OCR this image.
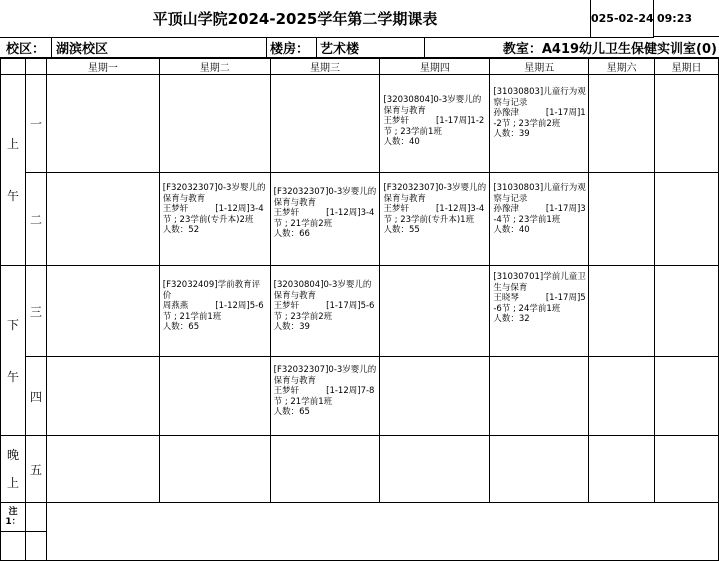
平顶山学院2024-2025学年第二学期课表	025-02-24 09:23
校区： 湖滨校区	楼房： 艺术楼	教室： A419幼儿卫生保健实训室(0)
		星期一	星期二	星期三	星期四	星期五	星期六	星期日
上

午	一				[32030804]0-3岁婴儿的保育与教育
王梦轩          [1-17周]1-2节 ; 23学前1班
人数：40	[31030803]儿童行为观察与记录
孙豫津          [1-17周]1-2节 ; 23学前2班
人数：39		

	二		[F32032307]0-3岁婴儿的保育与教育
王梦轩          [1-12周]3-4节 ; 23学前(专升本)2班
人数：52	[F32032307]0-3岁婴儿的保育与教育
王梦轩          [1-12周]3-4节 ; 21学前2班
人数：66	[F32032307]0-3岁婴儿的保育与教育
王梦轩          [1-12周]3-4节 ; 23学前(专升本)1班
人数：55	[31030803]儿童行为观察与记录
孙豫津          [1-17周]3-4节 ; 23学前1班
人数：40		

下

午	三		[F32032409]学前教育评价
周燕燕          [1-12周]5-6节 ; 21学前1班
人数：65	[32030804]0-3岁婴儿的保育与教育
王梦轩          [1-17周]5-6节 ; 23学前2班
人数：39		[31030701]学前儿童卫生与保育
王晓琴          [1-17周]5-6节 ; 24学前1班
人数：32		

	四			[F32032307]0-3岁婴儿的保育与教育
王梦轩          [1-12周]7-8节 ; 21学前1班
人数：65				

晚

上	五							
注
1：								
